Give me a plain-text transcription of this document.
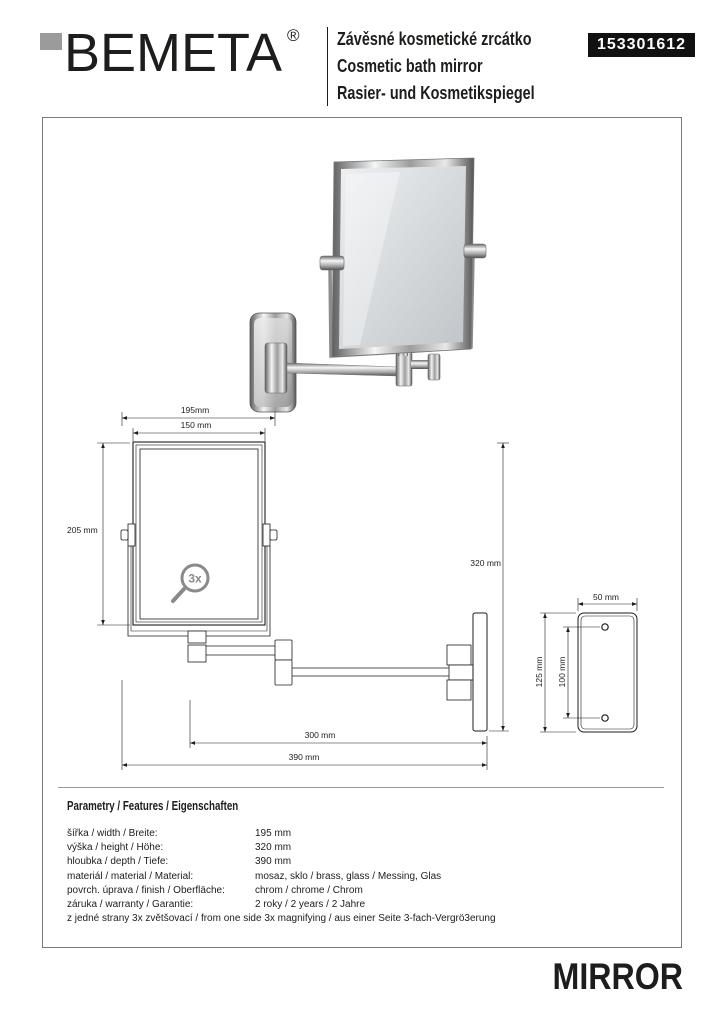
BEMETA ® Závěsné kosmetické zrcátko
Cosmetic bath mirror
Rasier- und Kosmetikspiegel
153301612
3x
195mm
150 mm
205 mm
320 mm
300 mm
390 mm
50 mm
100 mm
125 mm
Parametry / Features / Eigenschaften
šířka / width / Breite:	195 mm
výška / height / Höhe:	320 mm
hloubka / depth / Tiefe:	390 mm
materiál / material / Material:	mosaz, sklo / brass, glass / Messing, Glas
povrch. úprava / finish / Oberfläche:	chrom / chrome / Chrom
záruka / warranty / Garantie:	2 roky / 2 years / 2 Jahre
z jedné strany 3x zvětšovací / from one side 3x magnifying / aus einer Seite 3-fach-Vergrö3erung
MIRROR
